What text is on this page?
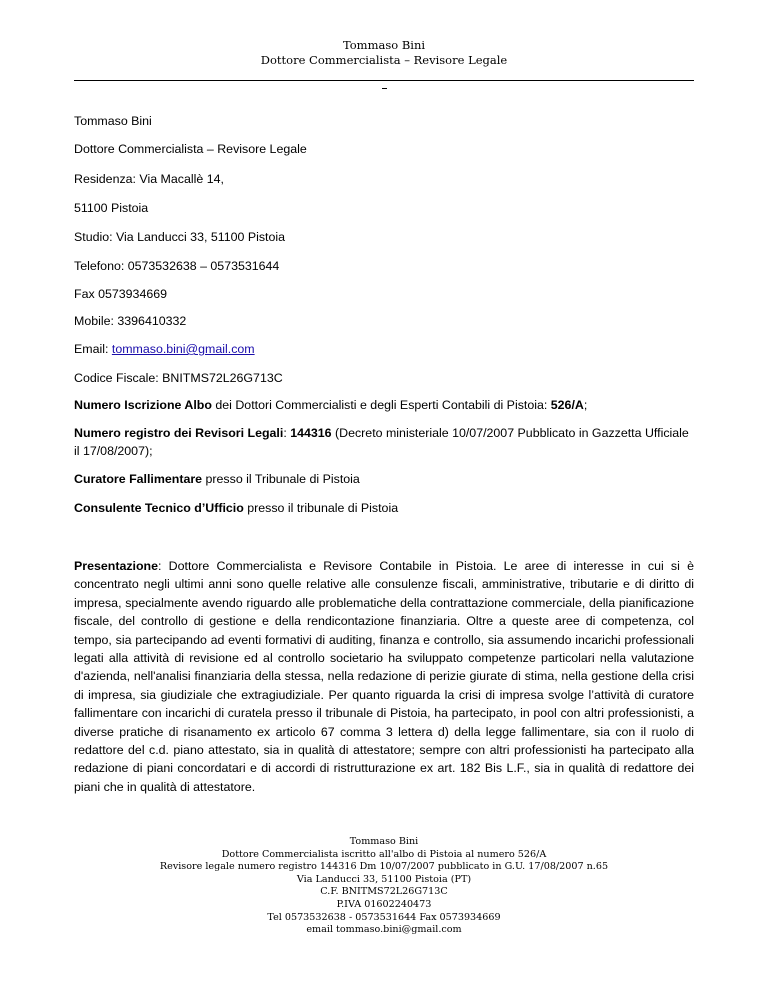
Tommaso Bini
Dottore Commercialista – Revisore Legale
Tommaso Bini
Dottore Commercialista – Revisore Legale
Residenza: Via Macallè 14,
51100 Pistoia
Studio: Via Landucci 33, 51100 Pistoia
Telefono: 0573532638 – 0573531644
Fax 0573934669
Mobile: 3396410332
Email: tommaso.bini@gmail.com
Codice Fiscale: BNITMS72L26G713C
Numero Iscrizione Albo dei Dottori Commercialisti e degli Esperti Contabili di Pistoia: 526/A;
Numero registro dei Revisori Legali: 144316 (Decreto ministeriale 10/07/2007 Pubblicato in Gazzetta Ufficiale il 17/08/2007);
Curatore Fallimentare presso il Tribunale di Pistoia
Consulente Tecnico d’Ufficio presso il tribunale di Pistoia
Presentazione: Dottore Commercialista e Revisore Contabile in Pistoia. Le aree di interesse in cui si è concentrato negli ultimi anni sono quelle relative alle consulenze fiscali, amministrative, tributarie e di diritto di impresa, specialmente avendo riguardo alle problematiche della contrattazione commerciale, della pianificazione fiscale, del controllo di gestione e della rendicontazione finanziaria. Oltre a queste aree di competenza, col tempo, sia partecipando ad eventi formativi di auditing, finanza e controllo, sia assumendo incarichi professionali legati alla attività di revisione ed al controllo societario ha sviluppato competenze particolari nella valutazione d'azienda, nell'analisi finanziaria della stessa, nella redazione di perizie giurate di stima, nella gestione della crisi di impresa, sia giudiziale che extragiudiziale. Per quanto riguarda la crisi di impresa svolge l’attività di curatore fallimentare con incarichi di curatela presso il tribunale di Pistoia, ha partecipato, in pool con altri professionisti, a diverse pratiche di risanamento ex articolo 67 comma 3 lettera d) della legge fallimentare, sia con il ruolo di redattore del c.d. piano attestato, sia in qualità di attestatore; sempre con altri professionisti ha partecipato alla redazione di piani concordatari e di accordi di ristrutturazione ex art. 182 Bis L.F., sia in qualità di redattore dei piani che in qualità di attestatore.
Tommaso Bini
Dottore Commercialista iscritto all'albo di Pistoia al numero 526/A
Revisore legale numero registro 144316 Dm 10/07/2007 pubblicato in G.U. 17/08/2007 n.65
Via Landucci 33, 51100 Pistoia (PT)
C.F. BNITMS72L26G713C
P.IVA 01602240473
Tel 0573532638 - 0573531644 Fax 0573934669
email tommaso.bini@gmail.com
